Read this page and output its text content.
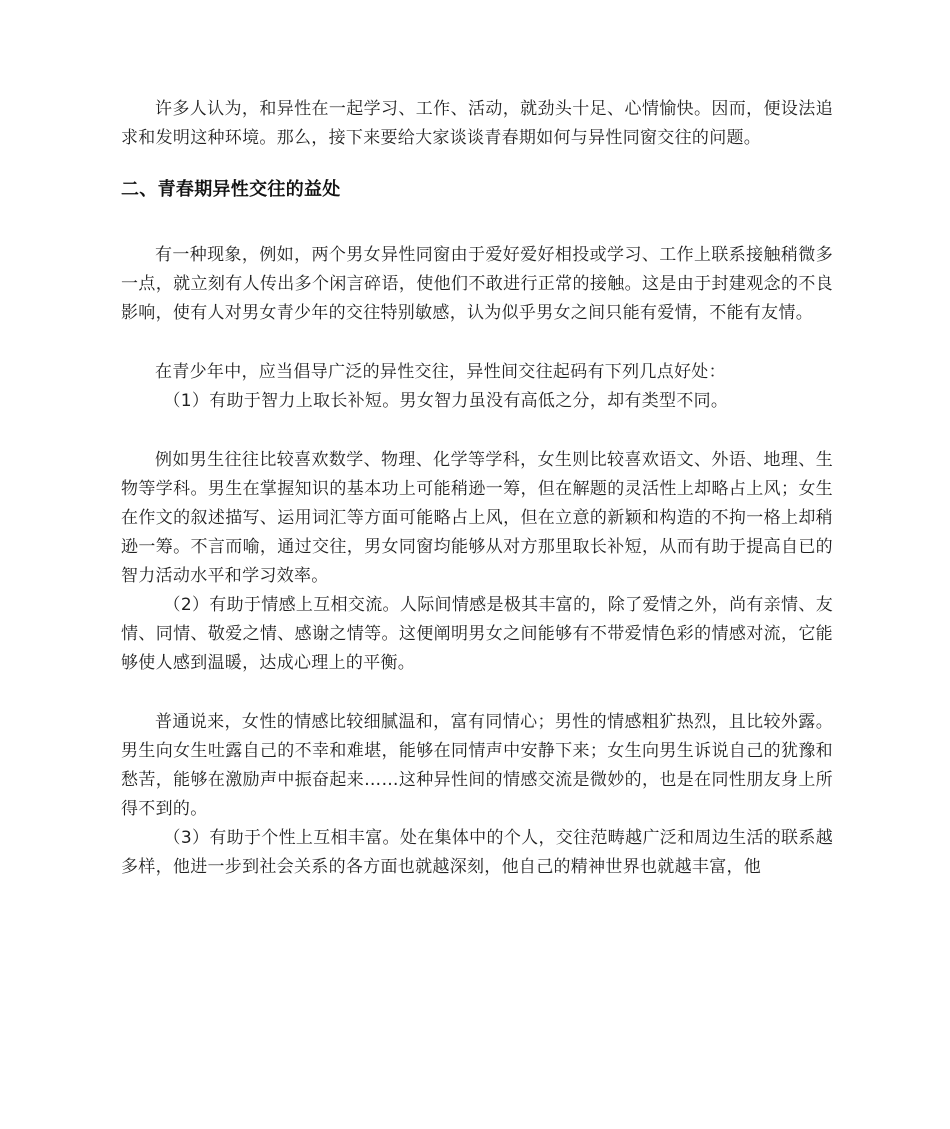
许多人认为，和异性在一起学习、工作、活动，就劲头十足、心情愉快。因而，便设法追求和发明这种环境。那么，接下来要给大家谈谈青春期如何与异性同窗交往的问题。

二、青春期异性交往的益处

有一种现象，例如，两个男女异性同窗由于爱好爱好相投或学习、工作上联系接触稍微多一点，就立刻有人传出多个闲言碎语，使他们不敢进行正常的接触。这是由于封建观念的不良影响，使有人对男女青少年的交往特别敏感，认为似乎男女之间只能有爱情，不能有友情。

在青少年中，应当倡导广泛的异性交往，异性间交往起码有下列几点好处：

（1）有助于智力上取长补短。男女智力虽没有高低之分，却有类型不同。

例如男生往往比较喜欢数学、物理、化学等学科，女生则比较喜欢语文、外语、地理、生物等学科。男生在掌握知识的基本功上可能稍逊一筹，但在解题的灵活性上却略占上风；女生在作文的叙述描写、运用词汇等方面可能略占上风，但在立意的新颖和构造的不拘一格上却稍逊一筹。不言而喻，通过交往，男女同窗均能够从对方那里取长补短，从而有助于提高自已的智力活动水平和学习效率。

（2）有助于情感上互相交流。人际间情感是极其丰富的，除了爱情之外，尚有亲情、友情、同情、敬爱之情、感谢之情等。这便阐明男女之间能够有不带爱情色彩的情感对流，它能够使人感到温暖，达成心理上的平衡。

普通说来，女性的情感比较细腻温和，富有同情心；男性的情感粗犷热烈，且比较外露。男生向女生吐露自己的不幸和难堪，能够在同情声中安静下来；女生向男生诉说自己的犹豫和愁苦，能够在激励声中振奋起来……这种异性间的情感交流是微妙的，也是在同性朋友身上所得不到的。

（3）有助于个性上互相丰富。处在集体中的个人，交往范畴越广泛和周边生活的联系越多样，他进一步到社会关系的各方面也就越深刻，他自己的精神世界也就越丰富，他
